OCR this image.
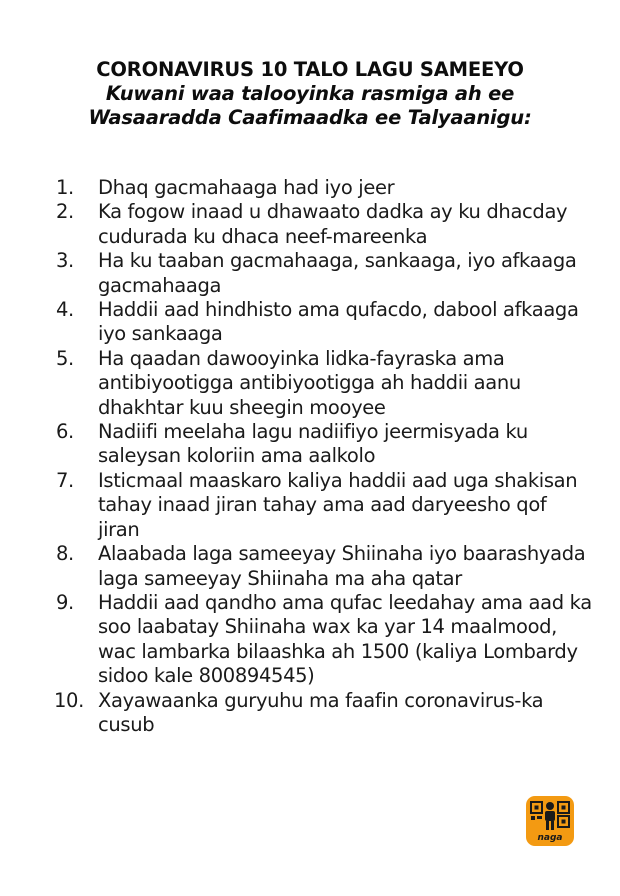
CORONAVIRUS 10 TALO LAGU SAMEEYO
Kuwani waa talooyinka rasmiga ah ee
Wasaaradda Caafimaadka ee Talyaanigu:
1.	Dhaq gacmahaaga had iyo jeer
2.	Ka fogow inaad u dhawaato dadka ay ku dhacday cudurada ku dhaca neef-mareenka
3.	Ha ku taaban gacmahaaga, sankaaga, iyo afkaaga gacmahaaga
4.	Haddii aad hindhisto ama qufacdo, dabool afkaaga iyo sankaaga
5.	Ha qaadan dawooyinka lidka-fayraska ama antibiyootigga antibiyootigga ah haddii aanu dhakhtar kuu sheegin mooyee
6.	Nadiifi meelaha lagu nadiifiyo jeermisyada ku saleysan koloriin ama aalkolo
7.	Isticmaal maaskaro kaliya haddii aad uga shakisan tahay inaad jiran tahay ama aad daryeesho qof jiran
8.	Alaabada laga sameeyay Shiinaha iyo baarashyada laga sameeyay Shiinaha ma aha qatar
9.	Haddii aad qandho ama qufac leedahay ama aad ka soo laabatay Shiinaha wax ka yar 14 maalmood, wac lambarka bilaashka ah 1500 (kaliya Lombardy sidoo kale 800894545)
10. Xayawaanka guryuhu ma faafin coronavirus-ka cusub
naga
